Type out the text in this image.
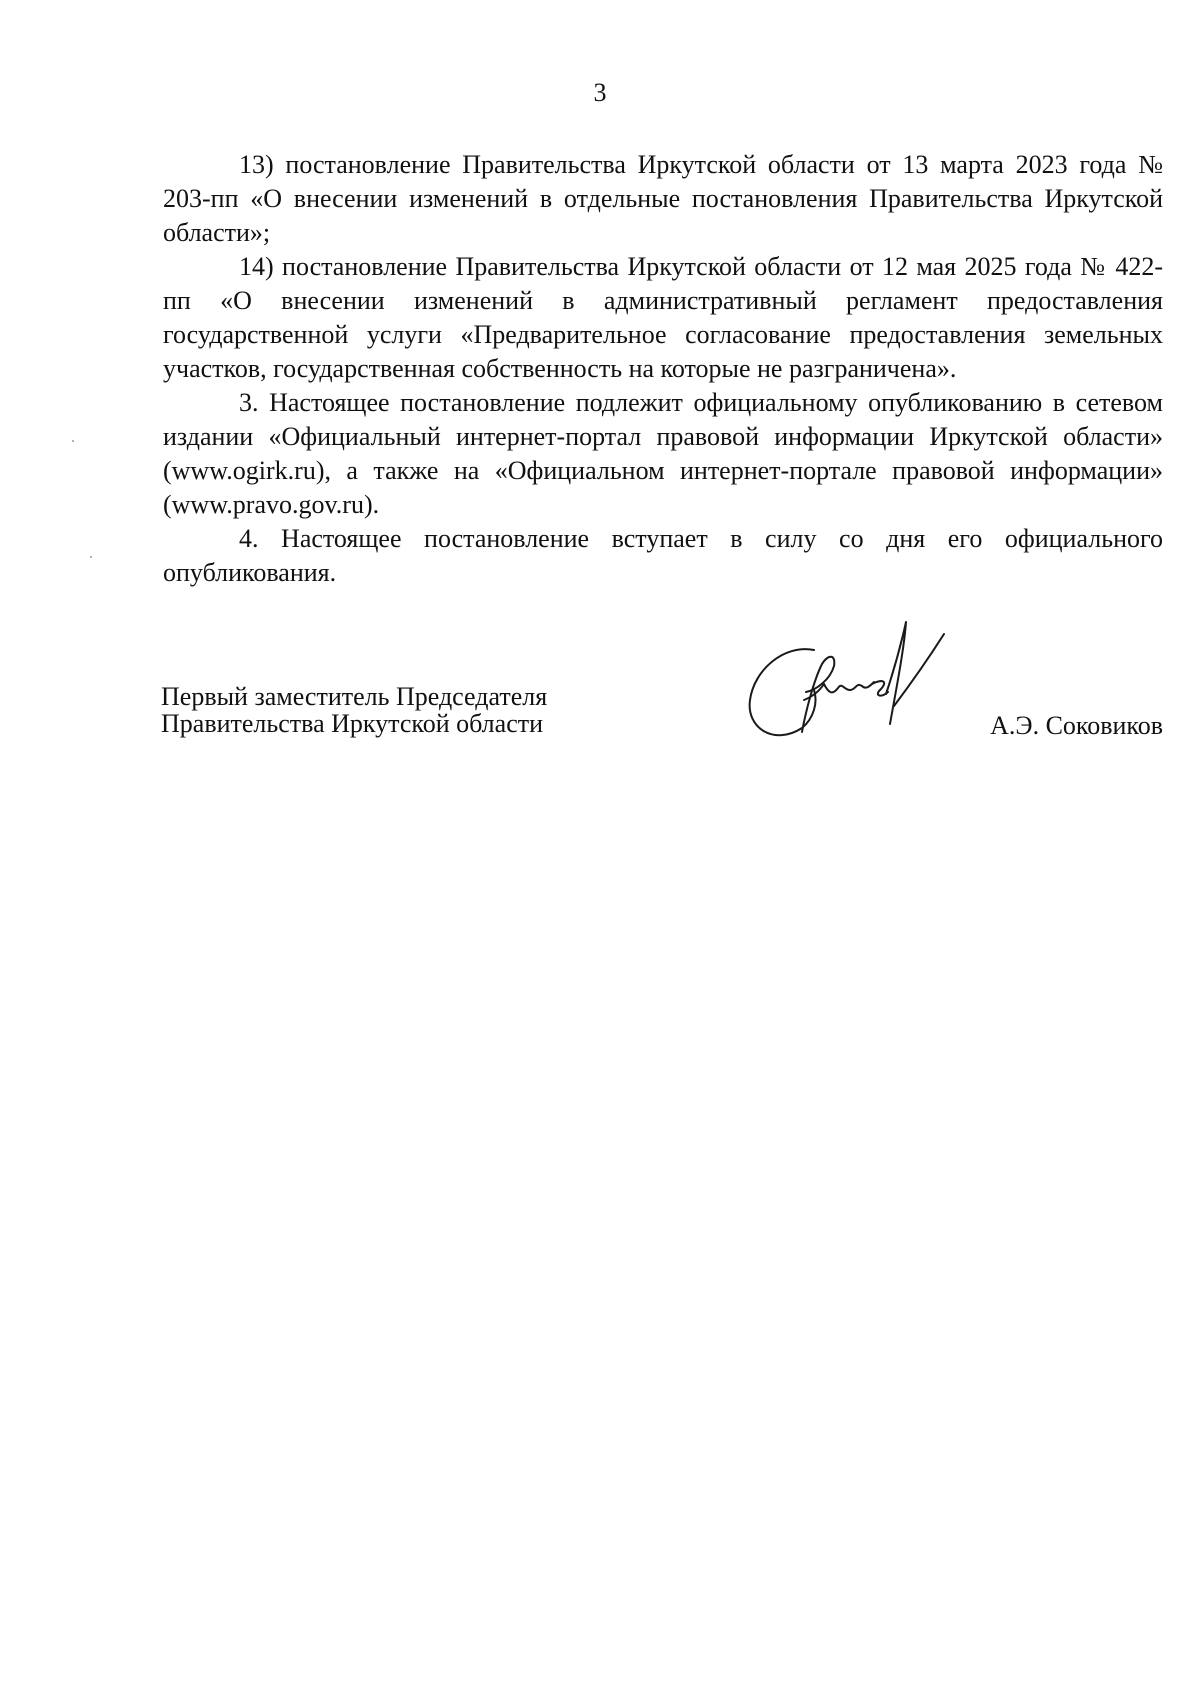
3

13) постановление Правительства Иркутской области от 13 марта 2023 года № 203-пп «О внесении изменений в отдельные постановления Правительства Иркутской области»;

14) постановление Правительства Иркутской области от 12 мая 2025 года № 422-пп «О внесении изменений в административный регламент предоставления государственной услуги «Предварительное согласование предоставления земельных участков, государственная собственность на которые не разграничена».

3. Настоящее постановление подлежит официальному опубликованию в сетевом издании «Официальный интернет-портал правовой информации Иркутской области» (www.ogirk.ru), а также на «Официальном интернет-портале правовой информации» (www.pravo.gov.ru).

4. Настоящее постановление вступает в силу со дня его официального опубликования.

Первый заместитель Председателя
Правительства Иркутской области	А.Э. Соковиков
